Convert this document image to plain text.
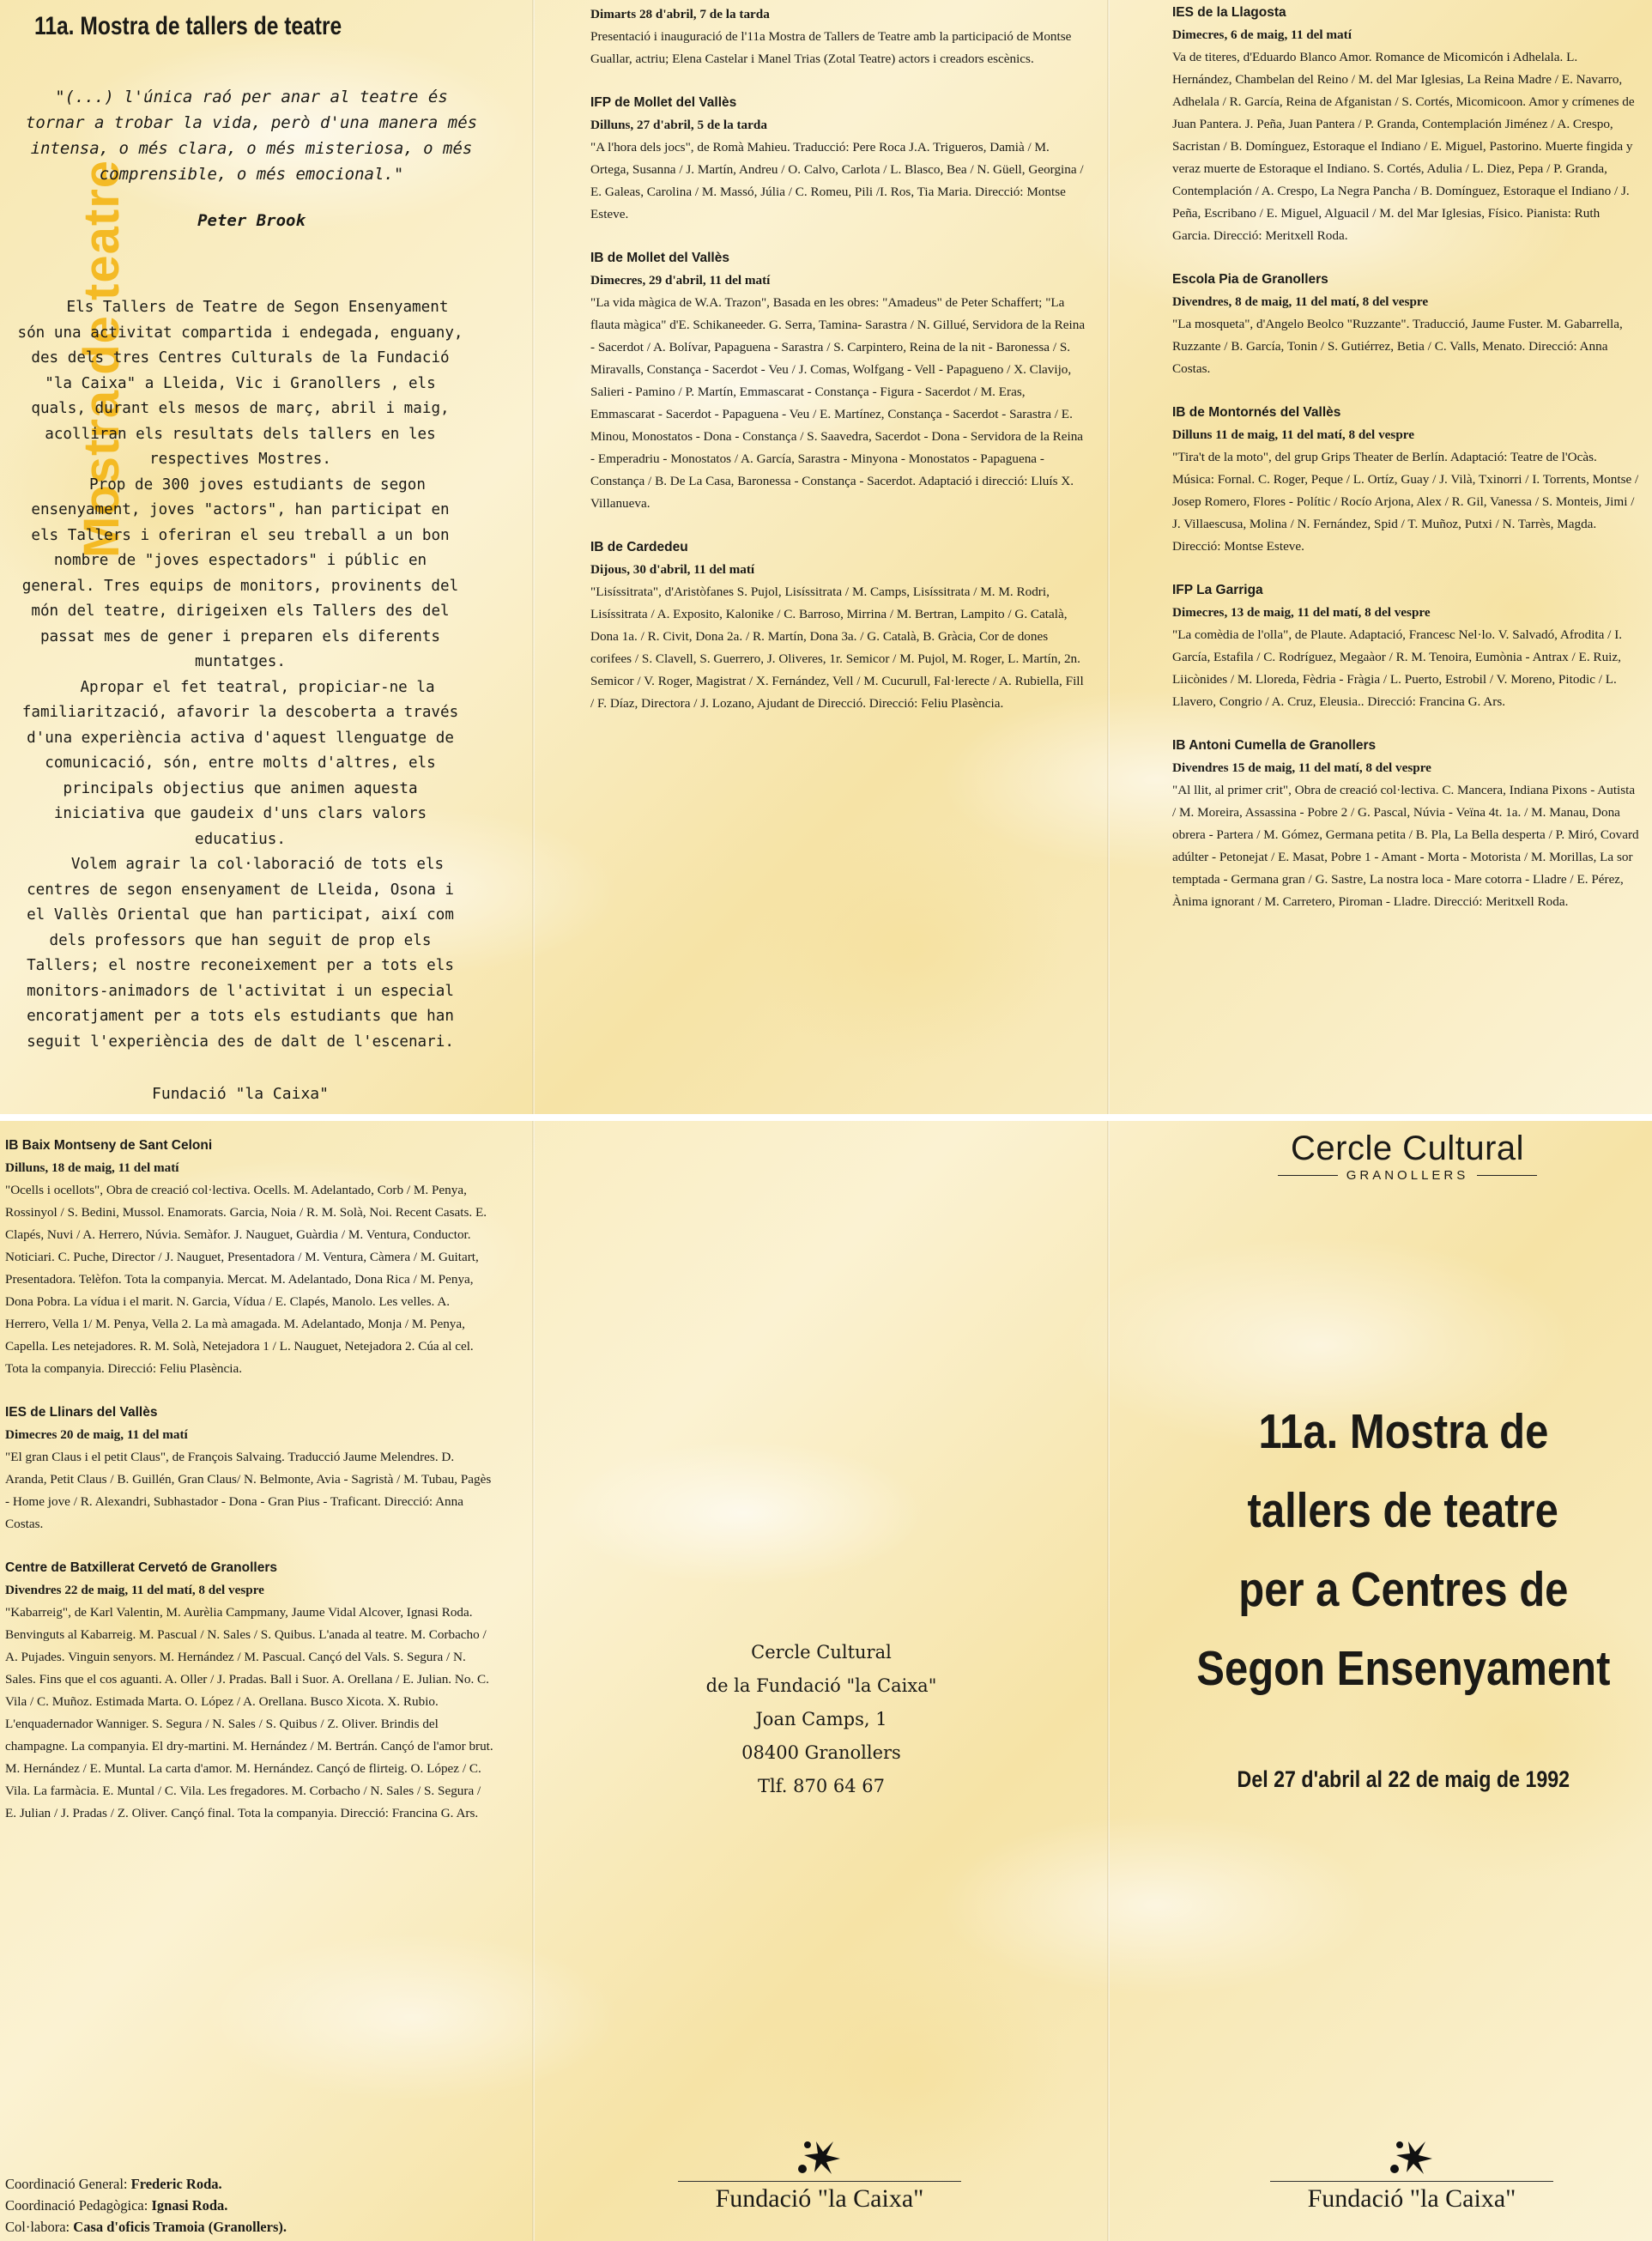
Mostra de teatre
11a. Mostra de tallers de teatre
"(...) l'única raó per anar al teatre és tornar a trobar la vida, però d'una manera més intensa, o més clara, o més misteriosa, o més comprensible, o més emocional."
Peter Brook

Els Tallers de Teatre de Segon Ensenyament són una activitat compartida i endegada, enguany, des dels tres Centres Culturals de la Fundació "la Caixa" a Lleida, Vic i Granollers , els quals, durant els mesos de març, abril i maig, acolliran els resultats dels tallers en les respectives Mostres.

Prop de 300 joves estudiants de segon ensenyament, joves "actors", han participat en els Tallers i oferiran el seu treball a un bon nombre de "joves espectadors" i públic en general. Tres equips de monitors, provinents del món del teatre, dirigeixen els Tallers des del passat mes de gener i preparen els diferents muntatges.

Apropar el fet teatral, propiciar-ne la familiarització, afavorir la descoberta a través d'una experiència activa d'aquest llenguatge de comunicació, són, entre molts d'altres, els principals objectius que animen aquesta iniciativa que gaudeix d'uns clars valors educatius.

Volem agrair la col·laboració de tots els centres de segon ensenyament de Lleida, Osona i el Vallès Oriental que han participat, així com dels professors que han seguit de prop els Tallers; el nostre reconeixement per a tots els monitors-animadors de l'activitat i un especial encoratjament per a tots els estudiants que han seguit l'experiència des de dalt de l'escenari.

Fundació "la Caixa"
Dimarts 28 d'abril, 7 de la tarda

Presentació i inauguració de l'11a Mostra de Tallers de Teatre amb la participació de Montse Guallar, actriu; Elena Castelar i Manel Trias (Zotal Teatre) actors i creadors escènics.

IFP de Mollet del Vallès
Dilluns, 27 d'abril, 5 de la tarda

"A l'hora dels jocs", de Romà Mahieu. Traducció: Pere Roca J.A. Trigueros, Damià / M. Ortega, Susanna / J. Martín, Andreu / O. Calvo, Carlota / L. Blasco, Bea / N. Güell, Georgina / E. Galeas, Carolina / M. Massó, Júlia / C. Romeu, Pili /I. Ros, Tia Maria. Direcció: Montse Esteve.

IB de Mollet del Vallès
Dimecres, 29 d'abril, 11 del matí

"La vida màgica de W.A. Trazon", Basada en les obres: "Amadeus" de Peter Schaffert; "La flauta màgica" d'E. Schikaneeder. G. Serra, Tamina- Sarastra / N. Gillué, Servidora de la Reina - Sacerdot / A. Bolívar, Papaguena - Sarastra / S. Carpintero, Reina de la nit - Baronessa / S. Miravalls, Constança - Sacerdot - Veu / J. Comas, Wolfgang - Vell - Papagueno / X. Clavijo, Salieri - Pamino / P. Martín, Emmascarat - Constança - Figura - Sacerdot / M. Eras, Emmascarat - Sacerdot - Papaguena - Veu / E. Martínez, Constança - Sacerdot - Sarastra / E. Minou, Monostatos - Dona - Constança / S. Saavedra, Sacerdot - Dona - Servidora de la Reina - Emperadriu - Monostatos / A. García, Sarastra - Minyona - Monostatos - Papaguena - Constança / B. De La Casa, Baronessa - Constança - Sacerdot. Adaptació i direcció: Lluís X. Villanueva.

IB de Cardedeu
Dijous, 30 d'abril, 11 del matí

"Lisíssitrata", d'Aristòfanes S. Pujol, Lisíssitrata / M. Camps, Lisíssitrata / M. M. Rodri, Lisíssitrata / A. Exposito, Kalonike / C. Barroso, Mirrina / M. Bertran, Lampito / G. Català, Dona 1a. / R. Civit, Dona 2a. / R. Martín, Dona 3a. / G. Català, B. Gràcia, Cor de dones corifees / S. Clavell, S. Guerrero, J. Oliveres, 1r. Semicor / M. Pujol, M. Roger, L. Martín, 2n. Semicor / V. Roger, Magistrat / X. Fernández, Vell / M. Cucurull, Fal·lerecte / A. Rubiella, Fill / F. Díaz, Directora / J. Lozano, Ajudant de Direcció. Direcció: Feliu Plasència.

IES de la Llagosta
Dimecres, 6 de maig, 11 del matí

Va de titeres, d'Eduardo Blanco Amor. Romance de Micomicón i Adhelala. L. Hernández, Chambelan del Reino / M. del Mar Iglesias, La Reina Madre / E. Navarro, Adhelala / R. García, Reina de Afganistan / S. Cortés, Micomicoon. Amor y crímenes de Juan Pantera. J. Peña, Juan Pantera / P. Granda, Contemplación Jiménez / A. Crespo, Sacristan / B. Domínguez, Estoraque el Indiano / E. Miguel, Pastorino. Muerte fingida y veraz muerte de Estoraque el Indiano. S. Cortés, Adulia / L. Diez, Pepa / P. Granda, Contemplación / A. Crespo, La Negra Pancha / B. Domínguez, Estoraque el Indiano / J. Peña, Escribano / E. Miguel, Alguacil / M. del Mar Iglesias, Físico. Pianista: Ruth Garcia. Direcció: Meritxell Roda.

Escola Pia de Granollers
Divendres, 8 de maig, 11 del matí, 8 del vespre

"La mosqueta", d'Angelo Beolco "Ruzzante". Traducció, Jaume Fuster. M. Gabarrella, Ruzzante / B. García, Tonin / S. Gutiérrez, Betia / C. Valls, Menato. Direcció: Anna Costas.

IB de Montornés del Vallès
Dilluns 11 de maig, 11 del matí, 8 del vespre

"Tira't de la moto", del grup Grips Theater de Berlín. Adaptació: Teatre de l'Ocàs. Música: Fornal. C. Roger, Peque / L. Ortíz, Guay / J. Vilà, Txinorri / I. Torrents, Montse / Josep Romero, Flores - Polític / Rocío Arjona, Alex / R. Gil, Vanessa / S. Monteis, Jimi / J. Villaescusa, Molina / N. Fernández, Spid / T. Muñoz, Putxi / N. Tarrès, Magda. Direcció: Montse Esteve.

IFP La Garriga
Dimecres, 13 de maig, 11 del matí, 8 del vespre

"La comèdia de l'olla", de Plaute. Adaptació, Francesc Nel·lo. V. Salvadó, Afrodita / I. García, Estafila / C. Rodríguez, Megaàor / R. M. Tenoira, Eumònia - Antrax / E. Ruiz, Liicònides / M. Lloreda, Fèdria - Fràgia / L. Puerto, Estrobil / V. Moreno, Pitodic / L. Llavero, Congrio / A. Cruz, Eleusia.. Direcció: Francina G. Ars.

IB Antoni Cumella de Granollers
Divendres 15 de maig, 11 del matí, 8 del vespre

"Al llit, al primer crit", Obra de creació col·lectiva. C. Mancera, Indiana Pixons - Autista / M. Moreira, Assassina - Pobre 2 / G. Pascal, Núvia - Veïna 4t. 1a. / M. Manau, Dona obrera - Partera / M. Gómez, Germana petita / B. Pla, La Bella desperta / P. Miró, Covard adúlter - Petonejat / E. Masat, Pobre 1 - Amant - Morta - Motorista / M. Morillas, La sor temptada - Germana gran / G. Sastre, La nostra loca - Mare cotorra - Lladre / E. Pérez, Ànima ignorant / M. Carretero, Piroman - Lladre. Direcció: Meritxell Roda.

IB Baix Montseny de Sant Celoni
Dilluns, 18 de maig, 11 del matí

"Ocells i ocellots", Obra de creació col·lectiva. Ocells. M. Adelantado, Corb / M. Penya, Rossinyol / S. Bedini, Mussol. Enamorats. Garcia, Noia / R. M. Solà, Noi. Recent Casats. E. Clapés, Nuvi / A. Herrero, Núvia. Semàfor. J. Nauguet, Guàrdia / M. Ventura, Conductor. Noticiari. C. Puche, Director / J. Nauguet, Presentadora / M. Ventura, Càmera / M. Guitart, Presentadora. Telèfon. Tota la companyia. Mercat. M. Adelantado, Dona Rica / M. Penya, Dona Pobra. La vídua i el marit. N. Garcia, Vídua / E. Clapés, Manolo. Les velles. A. Herrero, Vella 1/ M. Penya, Vella 2. La mà amagada. M. Adelantado, Monja / M. Penya, Capella. Les netejadores. R. M. Solà, Netejadora 1 / L. Nauguet, Netejadora 2. Cúa al cel. Tota la companyia. Direcció: Feliu Plasència.

IES de Llinars del Vallès
Dimecres 20 de maig, 11 del matí

"El gran Claus i el petit Claus", de François Salvaing. Traducció Jaume Melendres. D. Aranda, Petit Claus / B. Guillén, Gran Claus/ N. Belmonte, Avia - Sagristà / M. Tubau, Pagès - Home jove / R. Alexandri, Subhastador - Dona - Gran Pius - Traficant. Direcció: Anna Costas.

Centre de Batxillerat Cervetó de Granollers
Divendres 22 de maig, 11 del matí, 8 del vespre

"Kabarreig", de Karl Valentin, M. Aurèlia Campmany, Jaume Vidal Alcover, Ignasi Roda. Benvinguts al Kabarreig. M. Pascual / N. Sales / S. Quibus. L'anada al teatre. M. Corbacho / A. Pujades. Vinguin senyors. M. Hernández / M. Pascual. Cançó del Vals. S. Segura / N. Sales. Fins que el cos aguanti. A. Oller / J. Pradas. Ball i Suor. A. Orellana / E. Julian. No. C. Vila / C. Muñoz. Estimada Marta. O. López / A. Orellana. Busco Xicota. X. Rubio. L'enquadernador Wanniger. S. Segura / N. Sales / S. Quibus / Z. Oliver. Brindis del champagne. La companyia. El dry-martini. M. Hernández / M. Bertrán. Cançó de l'amor brut. M. Hernández / E. Muntal. La carta d'amor. M. Hernández. Cançó de flirteig. O. López / C. Vila. La farmàcia. E. Muntal / C. Vila. Les fregadores. M. Corbacho / N. Sales / S. Segura / E. Julian / J. Pradas / Z. Oliver. Cançó final. Tota la companyia. Direcció: Francina G. Ars.

Coordinació General: Frederic Roda.
Coordinació Pedagògica: Ignasi Roda.
Col·labora: Casa d'oficis Tramoia (Granollers).
Cercle Cultural
de la Fundació "la Caixa"
Joan Camps, 1
08400 Granollers
Tlf. 870 64 67
Fundació "la Caixa"
Cercle Cultural
GRANOLLERS
11a. Mostra de
tallers de teatre
per a Centres de
Segon Ensenyament
Del 27 d'abril al 22 de maig de 1992
Fundació "la Caixa"
